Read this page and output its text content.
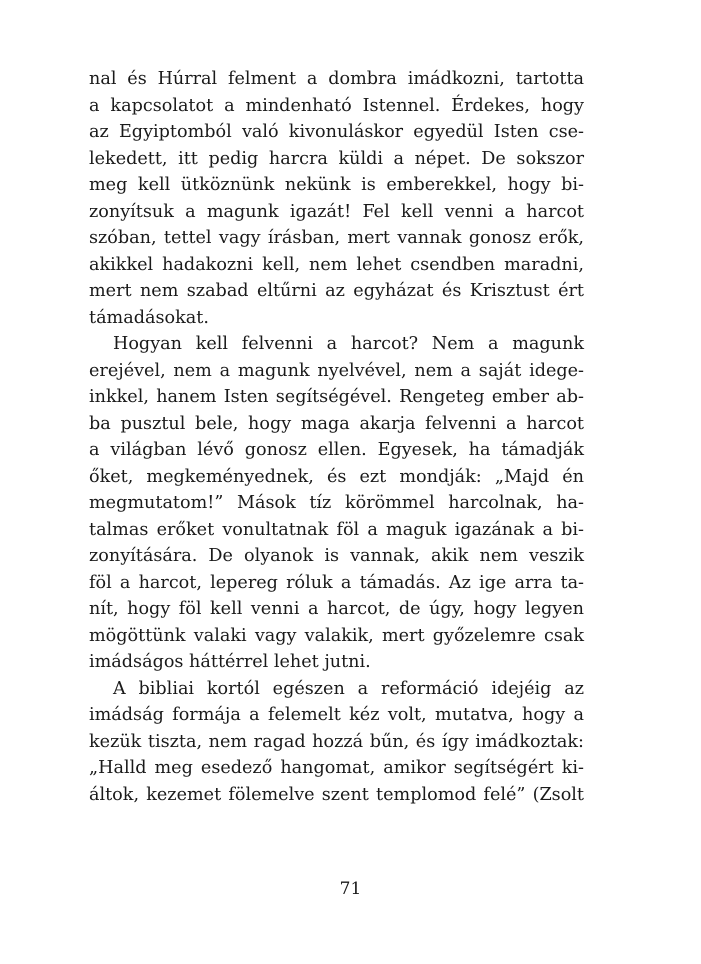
nal és Húrral felment a dombra imádkozni, tartotta
a kapcsolatot a mindenható Istennel. Érdekes, hogy
az Egyiptomból való kivonuláskor egyedül Isten cse-
lekedett, itt pedig harcra küldi a népet. De sokszor
meg kell ütköznünk nekünk is emberekkel, hogy bi-
zonyítsuk a magunk igazát! Fel kell venni a harcot
szóban, tettel vagy írásban, mert vannak gonosz erők,
akikkel hadakozni kell, nem lehet csendben maradni,
mert nem szabad eltűrni az egyházat és Krisztust ért
támadásokat.
Hogyan kell felvenni a harcot? Nem a magunk
erejével, nem a magunk nyelvével, nem a saját idege-
inkkel, hanem Isten segítségével. Rengeteg ember ab-
ba pusztul bele, hogy maga akarja felvenni a harcot
a világban lévő gonosz ellen. Egyesek, ha támadják
őket, megkeményednek, és ezt mondják: „Majd én
megmutatom!” Mások tíz körömmel harcolnak, ha-
talmas erőket vonultatnak föl a maguk igazának a bi-
zonyítására. De olyanok is vannak, akik nem veszik
föl a harcot, lepereg róluk a támadás. Az ige arra ta-
nít, hogy föl kell venni a harcot, de úgy, hogy legyen
mögöttünk valaki vagy valakik, mert győzelemre csak
imádságos háttérrel lehet jutni.
A bibliai kortól egészen a reformáció idejéig az
imádság formája a felemelt kéz volt, mutatva, hogy a
kezük tiszta, nem ragad hozzá bűn, és így imádkoztak:
„Halld meg esedező hangomat, amikor segítségért ki-
áltok, kezemet fölemelve szent templomod felé” (Zsolt
71
